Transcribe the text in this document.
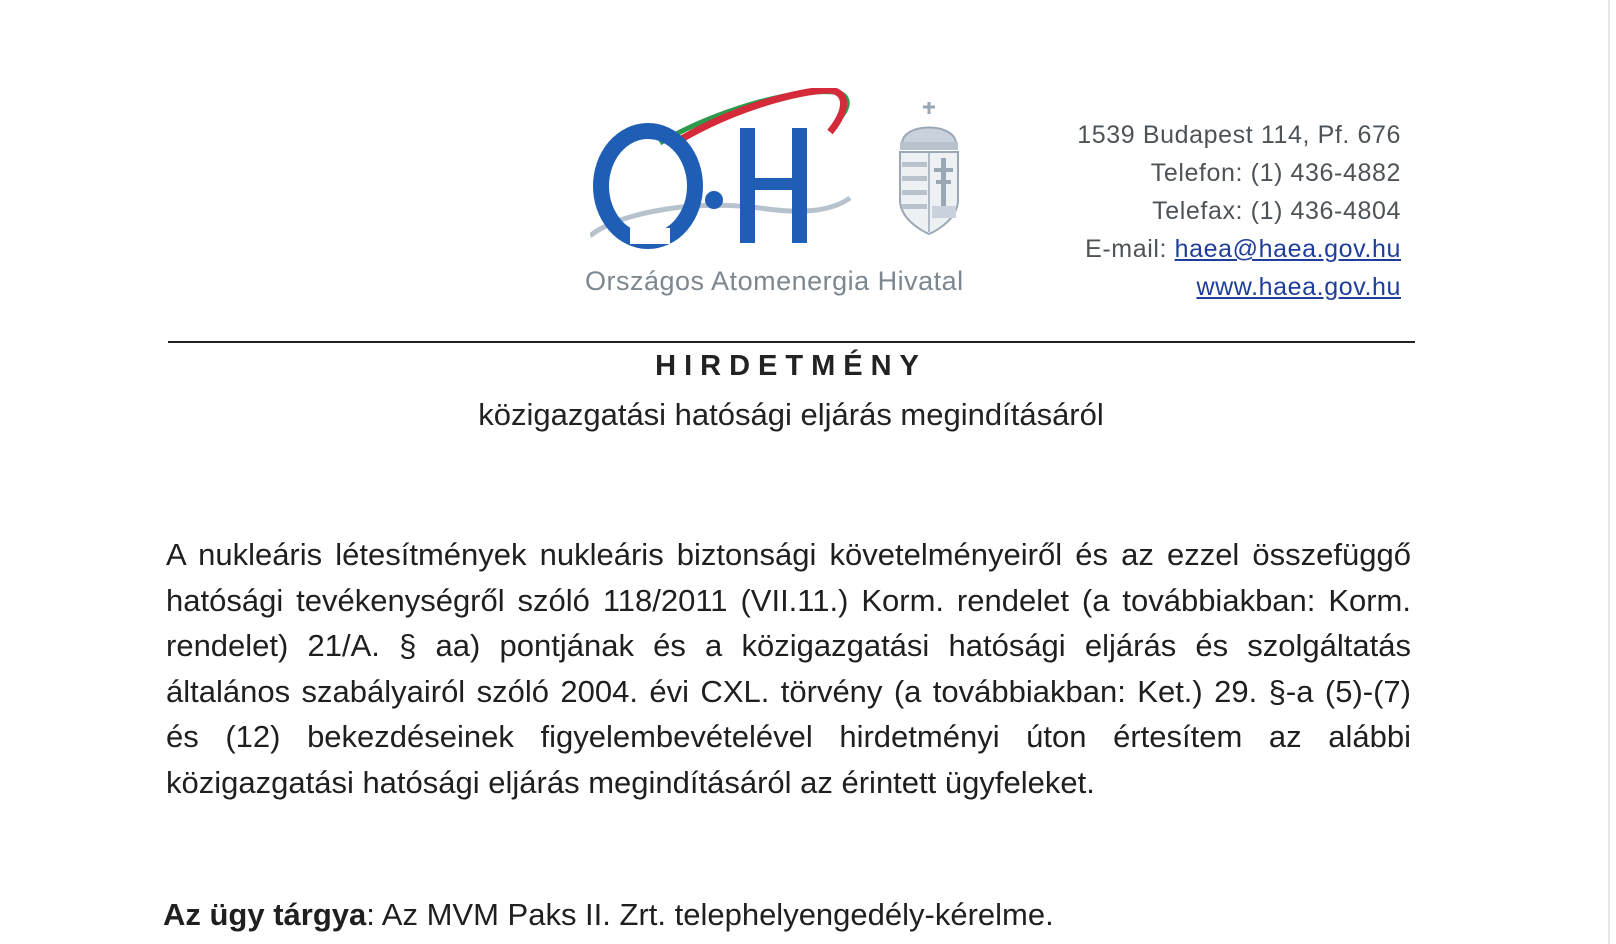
Országos Atomenergia Hivatal
1539 Budapest 114, Pf. 676
Telefon: (1) 436-4882
Telefax: (1) 436-4804
E-mail: haea@haea.gov.hu
www.haea.gov.hu
HIRDETMÉNY
közigazgatási hatósági eljárás megindításáról
A nukleáris létesítmények nukleáris biztonsági követelményeiről és az ezzel összefüggő hatósági tevékenységről szóló 118/2011 (VII.11.) Korm. rendelet (a továbbiakban: Korm. rendelet) 21/A. § aa) pontjának és a közigazgatási hatósági eljárás és szolgáltatás általános szabályairól szóló 2004. évi CXL. törvény (a továbbiakban: Ket.) 29. §-a (5)-(7) és (12) bekezdéseinek figyelembevételével hirdetményi úton értesítem az alábbi közigazgatási hatósági eljárás megindításáról az érintett ügyfeleket.
Az ügy tárgya: Az MVM Paks II. Zrt. telephelyengedély-kérelme.
